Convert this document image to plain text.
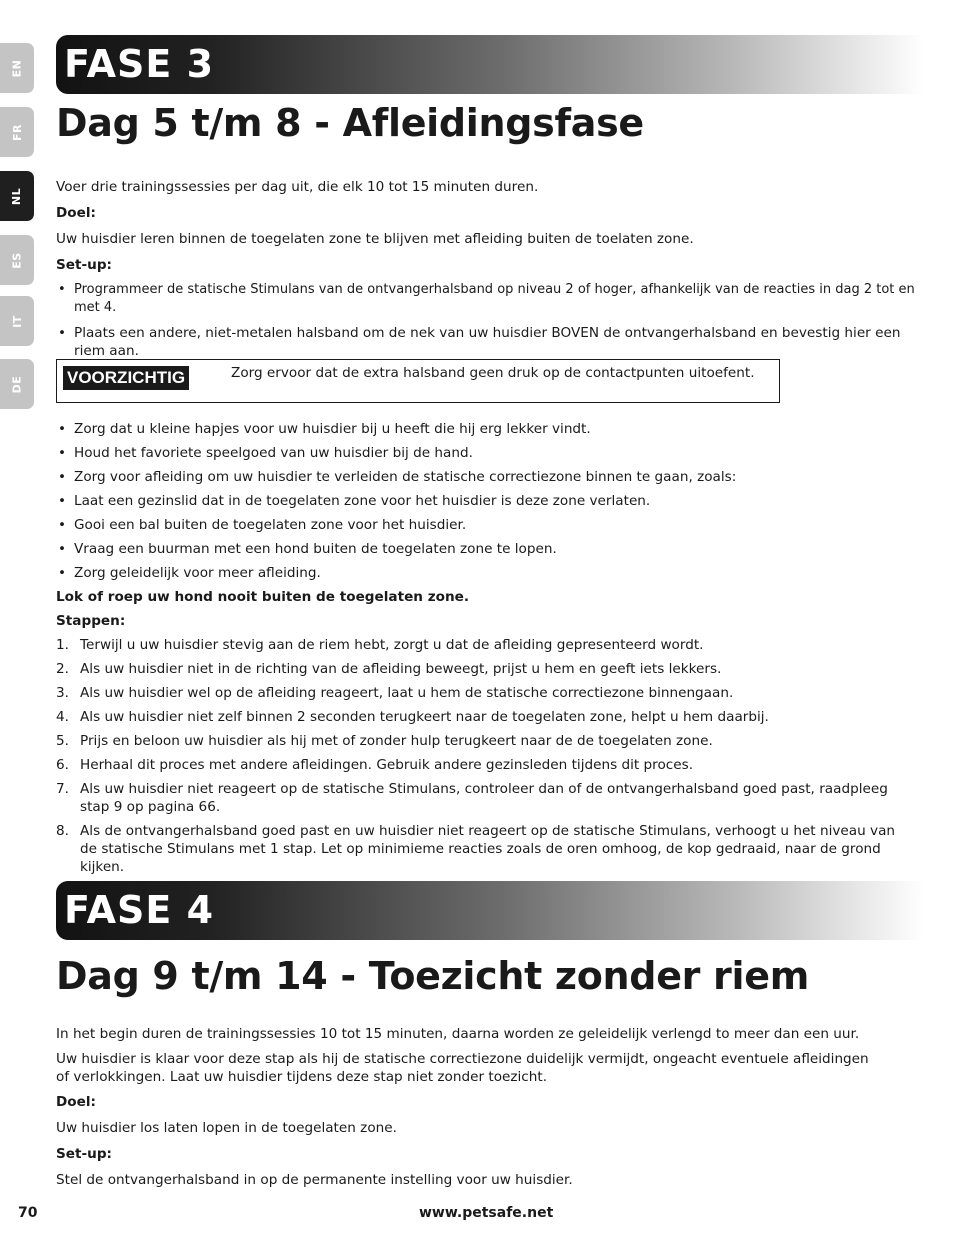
EN
FR
NL
ES
IT
DE
FASE 3
Dag 5 t/m 8 - Afleidingsfase

Voer drie trainingssessies per dag uit, die elk 10 tot 15 minuten duren.

Doel:

Uw huisdier leren binnen de toegelaten zone te blijven met afleiding buiten de toelaten zone.

Set-up:

• Programmeer de statische Stimulans van de ontvangerhalsband op niveau 2 of hoger, afhankelijk van de reacties in dag 2 tot en met 4.

• Plaats een andere, niet-metalen halsband om de nek van uw huisdier BOVEN de ontvangerhalsband en bevestig hier een riem aan.

VOORZICHTIG	Zorg ervoor dat de extra halsband geen druk op de contactpunten uitoefent.

• Zorg dat u kleine hapjes voor uw huisdier bij u heeft die hij erg lekker vindt.

• Houd het favoriete speelgoed van uw huisdier bij de hand.

• Zorg voor afleiding om uw huisdier te verleiden de statische correctiezone binnen te gaan, zoals:

• Laat een gezinslid dat in de toegelaten zone voor het huisdier is deze zone verlaten.

• Gooi een bal buiten de toegelaten zone voor het huisdier.

• Vraag een buurman met een hond buiten de toegelaten zone te lopen.

• Zorg geleidelijk voor meer afleiding.

Lok of roep uw hond nooit buiten de toegelaten zone.

Stappen:

1. Terwijl u uw huisdier stevig aan de riem hebt, zorgt u dat de afleiding gepresenteerd wordt.

2. Als uw huisdier niet in de richting van de afleiding beweegt, prijst u hem en geeft iets lekkers.

3. Als uw huisdier wel op de afleiding reageert, laat u hem de statische correctiezone binnengaan.

4. Als uw huisdier niet zelf binnen 2 seconden terugkeert naar de toegelaten zone, helpt u hem daarbij.

5. Prijs en beloon uw huisdier als hij met of zonder hulp terugkeert naar de de toegelaten zone.

6. Herhaal dit proces met andere afleidingen. Gebruik andere gezinsleden tijdens dit proces.

7. Als uw huisdier niet reageert op de statische Stimulans, controleer dan of de ontvangerhalsband goed past, raadpleeg stap 9 op pagina 66.

8. Als de ontvangerhalsband goed past en uw huisdier niet reageert op de statische Stimulans, verhoogt u het niveau van de statische Stimulans met 1 stap. Let op minimieme reacties zoals de oren omhoog, de kop gedraaid, naar de grond kijken.

FASE 4
Dag 9 t/m 14 - Toezicht zonder riem

In het begin duren de trainingssessies 10 tot 15 minuten, daarna worden ze geleidelijk verlengd to meer dan een uur.

Uw huisdier is klaar voor deze stap als hij de statische correctiezone duidelijk vermijdt, ongeacht eventuele afleidingen of verlokkingen. Laat uw huisdier tijdens deze stap niet zonder toezicht.

Doel:

Uw huisdier los laten lopen in de toegelaten zone.

Set-up:

Stel de ontvangerhalsband in op de permanente instelling voor uw huisdier.

70	www.petsafe.net
